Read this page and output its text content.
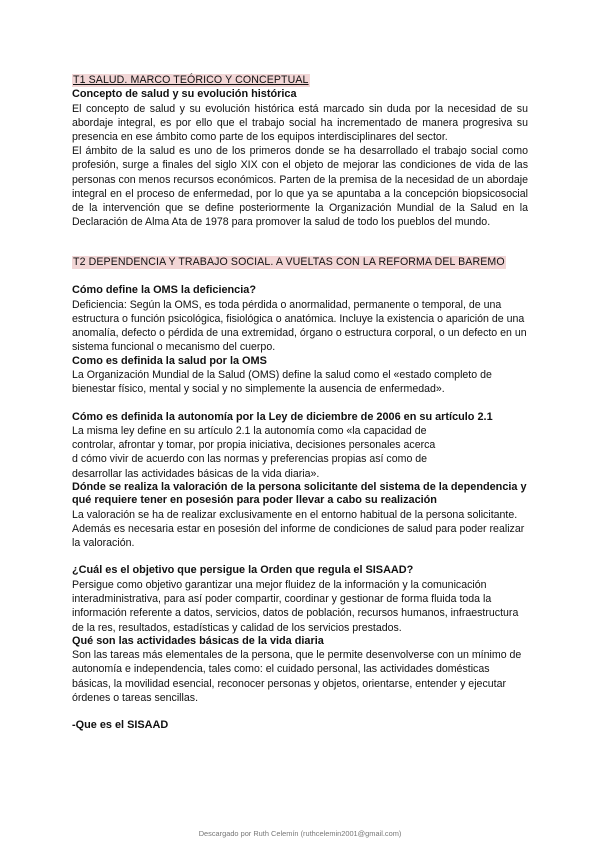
T1 SALUD. MARCO TEÓRICO Y CONCEPTUAL
Concepto de salud y su evolución histórica

El concepto de salud y su evolución histórica está marcado sin duda por la necesidad de su abordaje integral, es por ello que el trabajo social ha incrementado de manera progresiva su presencia en ese ámbito como parte de los equipos interdisciplinares del sector.

El ámbito de la salud es uno de los primeros donde se ha desarrollado el trabajo social como profesión, surge a finales del siglo XIX con el objeto de mejorar las condiciones de vida de las personas con menos recursos económicos. Parten de la premisa de la necesidad de un abordaje integral en el proceso de enfermedad, por lo que ya se apuntaba a la concepción biopsicosocial de la intervención que se define posteriormente la Organización Mundial de la Salud en la Declaración de Alma Ata de 1978 para promover la salud de todo los pueblos del mundo.

T2 DEPENDENCIA Y TRABAJO SOCIAL. A VUELTAS CON LA REFORMA DEL BAREMO
Cómo define la OMS la deficiencia?

Deficiencia: Según la OMS, es toda pérdida o anormalidad, permanente o temporal, de una estructura o función psicológica, fisiológica o anatómica. Incluye la existencia o aparición de una anomalía, defecto o pérdida de una extremidad, órgano o estructura corporal, o un defecto en un sistema funcional o mecanismo del cuerpo.

Como es definida la salud por la OMS

La Organización Mundial de la Salud (OMS) define la salud como el «estado completo de bienestar físico, mental y social y no simplemente la ausencia de enfermedad».

Cómo es definida la autonomía por la Ley de diciembre de 2006 en su artículo 2.1

La misma ley define en su artículo 2.1 la autonomía como «la capacidad de
controlar, afrontar y tomar, por propia iniciativa, decisiones personales acerca
d cómo vivir de acuerdo con las normas y preferencias propias así como de
desarrollar las actividades básicas de la vida diaria».

Dónde se realiza la valoración de la persona solicitante del sistema de la dependencia y qué requiere tener en posesión para poder llevar a cabo su realización

La valoración se ha de realizar exclusivamente en el entorno habitual de la persona solicitante. Además es necesaria estar en posesión del informe de condiciones de salud para poder realizar la valoración.

¿Cuál es el objetivo que persigue la Orden que regula el SISAAD?

Persigue como objetivo garantizar una mejor fluidez de la información y la comunicación interadministrativa, para así poder compartir, coordinar y gestionar de forma fluida toda la información referente a datos, servicios, datos de población, recursos humanos, infraestructura de la res, resultados, estadísticas y calidad de los servicios prestados.

Qué son las actividades básicas de la vida diaria

Son las tareas más elementales de la persona, que le permite desenvolverse con un mínimo de autonomía e independencia, tales como: el cuidado personal, las actividades domésticas básicas, la movilidad esencial, reconocer personas y objetos, orientarse, entender y ejecutar órdenes o tareas sencillas.

-Que es el SISAAD
Descargado por Ruth Celemín (ruthcelemin2001@gmail.com)
